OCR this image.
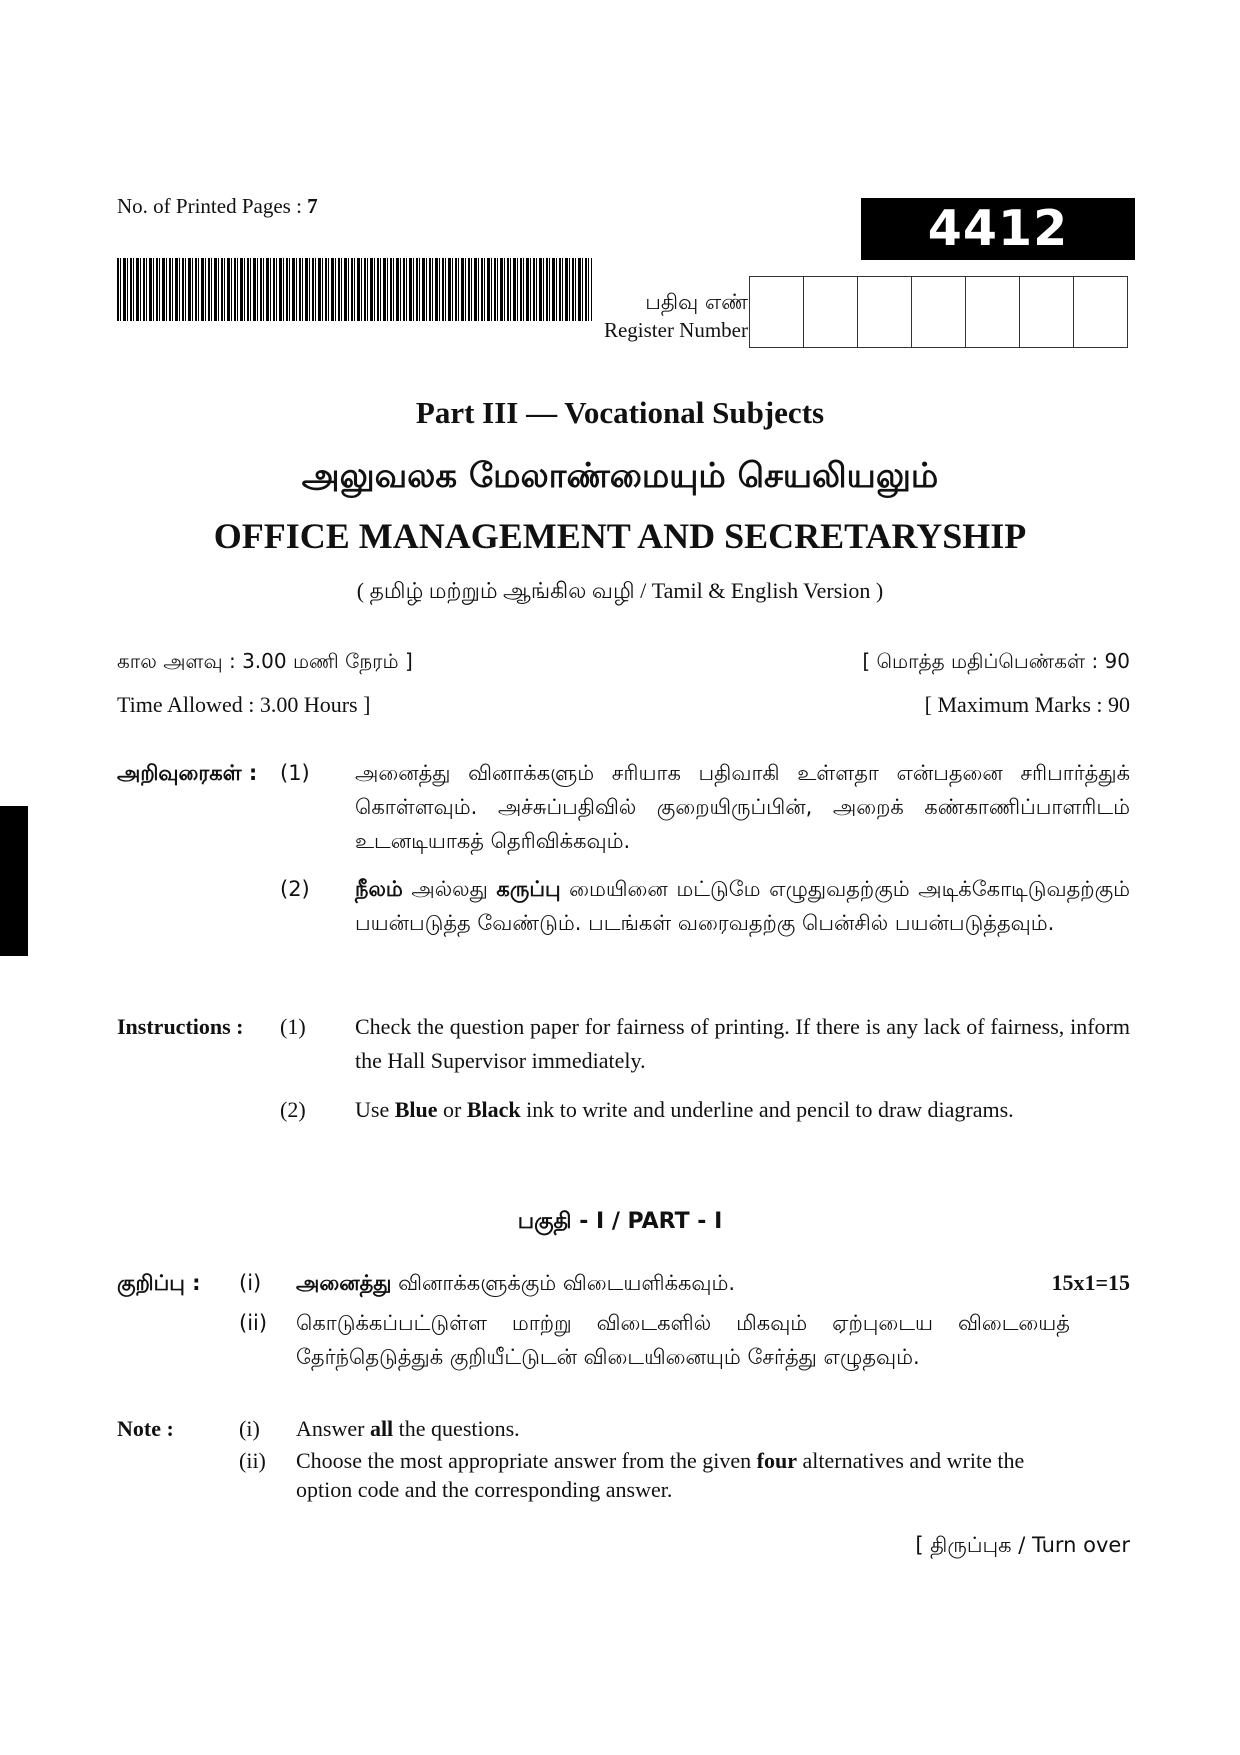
No. of Printed Pages : 7	4412 (NS)
பதிவு எண்
Register Number
Part III — Vocational Subjects
அலுவலக மேலாண்மையும் செயலியலும்
OFFICE MANAGEMENT AND SECRETARYSHIP
( தமிழ் மற்றும் ஆங்கில வழி / Tamil & English Version )
கால அளவு : 3.00 மணி நேரம் ]	[ மொத்த மதிப்பெண்கள் : 90
Time Allowed : 3.00 Hours ]	[ Maximum Marks : 90
அறிவுரைகள் :	(1)	அனைத்து வினாக்களும் சரியாக பதிவாகி உள்ளதா என்பதனை சரிபார்த்துக் கொள்ளவும். அச்சுப்பதிவில் குறையிருப்பின், அறைக் கண்காணிப்பாளரிடம் உடனடியாகத் தெரிவிக்கவும்.
(2)	நீலம் அல்லது கருப்பு மையினை மட்டுமே எழுதுவதற்கும் அடிக்கோடிடுவதற்கும் பயன்படுத்த வேண்டும். படங்கள் வரைவதற்கு பென்சில் பயன்படுத்தவும்.
Instructions :	(1)	Check the question paper for fairness of printing. If there is any lack of fairness, inform the Hall Supervisor immediately.
(2)	Use Blue or Black ink to write and underline and pencil to draw diagrams.
பகுதி - I / PART - I
குறிப்பு :	(i)	அனைத்து வினாக்களுக்கும் விடையளிக்கவும்.	15x1=15
(ii)	கொடுக்கப்பட்டுள்ள மாற்று விடைகளில் மிகவும் ஏற்புடைய விடையைத் தேர்ந்தெடுத்துக் குறியீட்டுடன் விடையினையும் சேர்த்து எழுதவும்.
Note :	(i)	Answer all the questions.
(ii)	Choose the most appropriate answer from the given four alternatives and write the option code and the corresponding answer.
[ திருப்புக / Turn over
